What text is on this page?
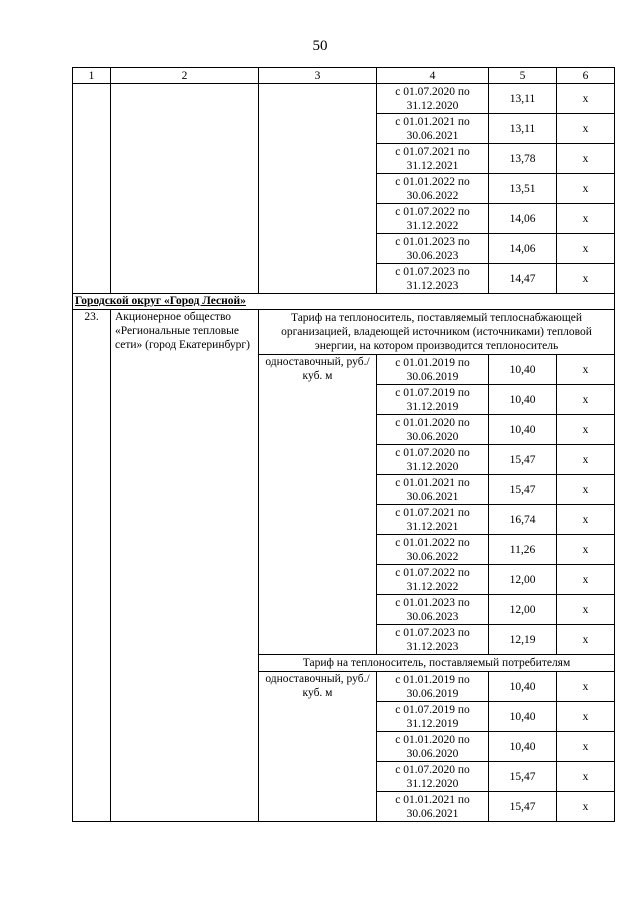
50
1	2	3	4	5	6
			с 01.07.2020 по 31.12.2020	13,11	х
			с 01.01.2021 по 30.06.2021	13,11	х
			с 01.07.2021 по 31.12.2021	13,78	х
			с 01.01.2022 по 30.06.2022	13,51	х
			с 01.07.2022 по 31.12.2022	14,06	х
			с 01.01.2023 по 30.06.2023	14,06	х
			с 01.07.2023 по 31.12.2023	14,47	х
Городской округ «Город Лесной»					
23.	Акционерное общество «Региональные тепловые сети» (город Екатеринбург)	Тариф на теплоноситель, поставляемый теплоснабжающей организацией, владеющей источником (источниками) тепловой энергии, на котором производится теплоноситель			
		одноставочный, руб./куб. м	с 01.01.2019 по 30.06.2019	10,40	х
			с 01.07.2019 по 31.12.2019	10,40	х
			с 01.01.2020 по 30.06.2020	10,40	х
			с 01.07.2020 по 31.12.2020	15,47	х
			с 01.01.2021 по 30.06.2021	15,47	х
			с 01.07.2021 по 31.12.2021	16,74	х
			с 01.01.2022 по 30.06.2022	11,26	х
			с 01.07.2022 по 31.12.2022	12,00	х
			с 01.01.2023 по 30.06.2023	12,00	х
			с 01.07.2023 по 31.12.2023	12,19	х
		Тариф на теплоноситель, поставляемый потребителям			
		одноставочный, руб./куб. м	с 01.01.2019 по 30.06.2019	10,40	х
			с 01.07.2019 по 31.12.2019	10,40	х
			с 01.01.2020 по 30.06.2020	10,40	х
			с 01.07.2020 по 31.12.2020	15,47	х
			с 01.01.2021 по 30.06.2021	15,47	х
